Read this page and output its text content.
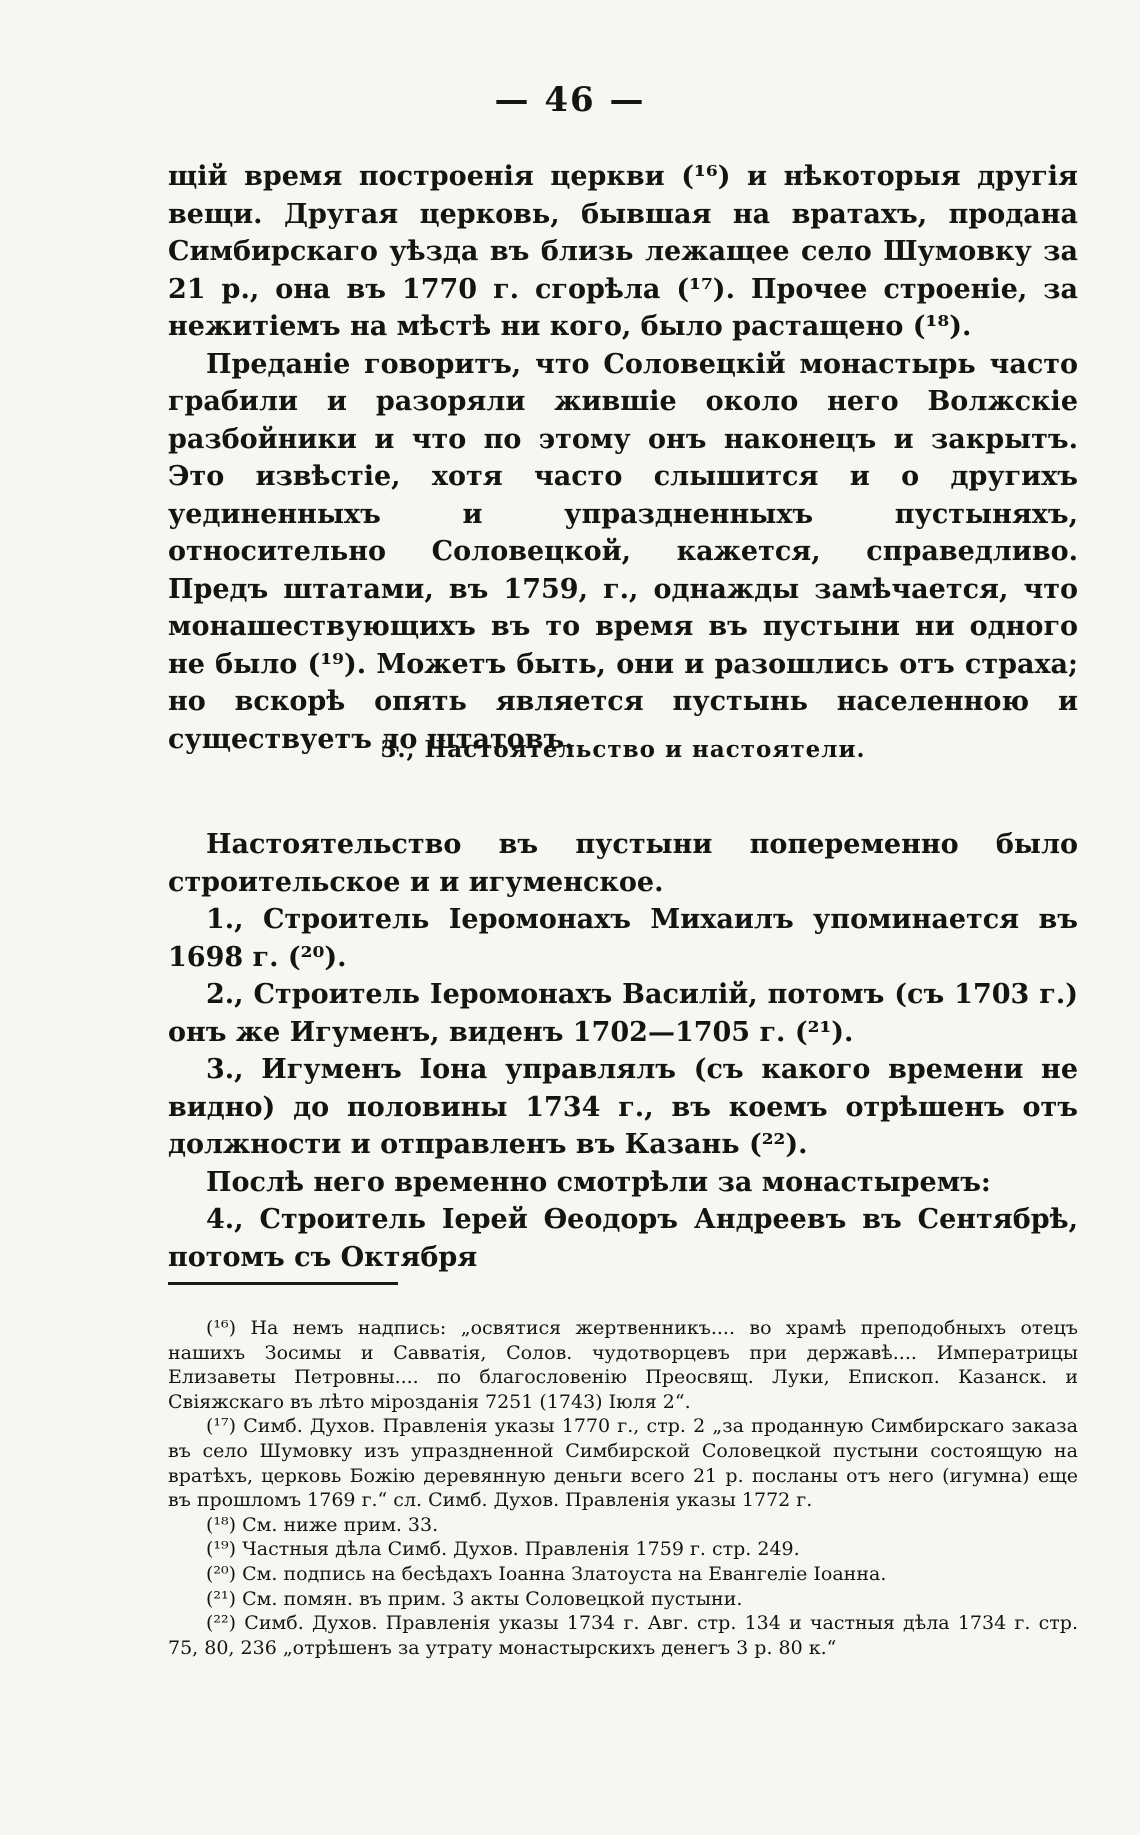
— 46 —

щій время построенія церкви (¹⁶) и нѣкоторыя другія вещи. Другая церковь, бывшая на вратахъ, продана Симбирскаго уѣзда въ близь лежащее село Шумовку за 21 р., она въ 1770 г. сгорѣла (¹⁷). Прочее строеніе, за нежитіемъ на мѣстѣ ни кого, было растащено (¹⁸).

Преданіе говоритъ, что Соловецкій монастырь часто грабили и разоряли жившіе около него Волжскіе разбойники и что по этому онъ наконецъ и закрытъ. Это извѣстіе, хотя часто слышится и о другихъ уединенныхъ и упраздненныхъ пустыняхъ, относительно Соловецкой, кажется, справедливо. Предъ штатами, въ 1759, г., однажды замѣчается, что монашествующихъ въ то время въ пустыни ни одного не было (¹⁹). Можетъ быть, они и разошлись отъ страха; но вскорѣ опять является пустынь населенною и существуетъ до штатовъ.

3., Настоятельство и настоятели.

Настоятельство въ пустыни попеременно было строительское и и игуменское.

1., Строитель Іеромонахъ Михаилъ упоминается въ 1698 г. (²⁰).

2., Строитель Іеромонахъ Василій, потомъ (съ 1703 г.) онъ же Игуменъ, виденъ 1702—1705 г. (²¹).

3., Игуменъ Іона управлялъ (съ какого времени не видно) до половины 1734 г., въ коемъ отрѣшенъ отъ должности и отправленъ въ Казань (²²).

Послѣ него временно смотрѣли за монастыремъ:

4., Строитель Іерей Ѳеодоръ Андреевъ въ Сентябрѣ, потомъ съ Октября

(¹⁶) На немъ надпись: „освятися жертвенникъ.... во храмѣ преподобныхъ отецъ нашихъ Зосимы и Савватія, Солов. чудотворцевъ при державѣ.... Императрицы Елизаветы Петровны.... по благословенію Преосвящ. Луки, Епископ. Казанск. и Свіяжскаго въ лѣто мірозданія 7251 (1743) Іюля 2“.

(¹⁷) Симб. Духов. Правленія указы 1770 г., стр. 2 „за проданную Симбирскаго заказа въ село Шумовку изъ упраздненной Симбирской Соловецкой пустыни состоящую на вратѣхъ, церковь Божію деревянную деньги всего 21 р. посланы отъ него (игумна) еще въ прошломъ 1769 г.“ сл. Симб. Духов. Правленія указы 1772 г.

(¹⁸) См. ниже прим. 33.

(¹⁹) Частныя дѣла Симб. Духов. Правленія 1759 г. стр. 249.

(²⁰) См. подпись на бесѣдахъ Іоанна Златоуста на Евангеліе Іоанна.

(²¹) См. помян. въ прим. 3 акты Соловецкой пустыни.

(²²) Симб. Духов. Правленія указы 1734 г. Авг. стр. 134 и частныя дѣла 1734 г. стр. 75, 80, 236 „отрѣшенъ за утрату монастырскихъ денегъ 3 р. 80 к.“
